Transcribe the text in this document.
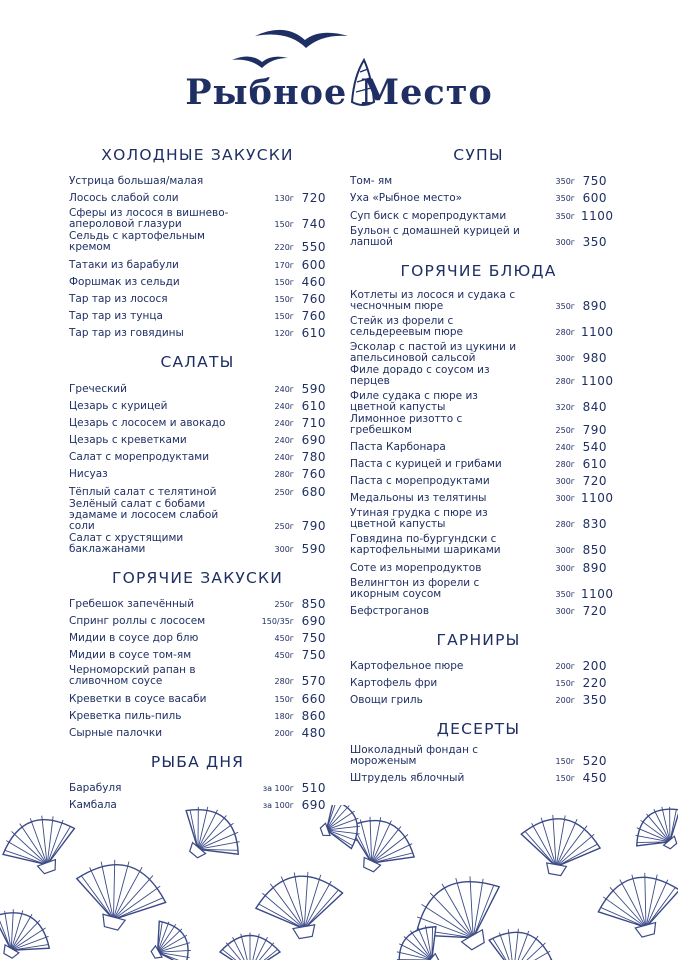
Рыбное Место
ХОЛОДНЫЕ ЗАКУСКИ
Устрица большая/малая
Лосось слабой соли	130г 720
Сферы из лосося в вишнево-апероловой глазури	150г 740
Сельдь с картофельным кремом	220г 550
Татаки из барабули	170г 600
Форшмак из сельди	150г 460
Тар тар из лосося	150г 760
Тар тар из тунца	150г 760
Тар тар из говядины	120г 610
САЛАТЫ
Греческий	240г 590
Цезарь с курицей	240г 610
Цезарь с лососем и авокадо	240г 710
Цезарь с креветками	240г 690
Салат с морепродуктами	240г 780
Нисуаз	280г 760
Тёплый салат с телятиной	250г 680
Зелёный салат с бобами эдамаме и лососем слабой соли	250г 790
Салат с хрустящими баклажанами	300г 590
ГОРЯЧИЕ ЗАКУСКИ
Гребешок запечённый	250г 850
Спринг роллы с лососем	150/35г 690
Мидии в соусе дор блю	450г 750
Мидии в соусе том-ям	450г 750
Черноморский рапан в сливочном соусе	280г 570
Креветки в соусе васаби	150г 660
Креветка пиль-пиль	180г 860
Сырные палочки	200г 480
РЫБА ДНЯ
Барабуля	за 100г 510
Камбала	за 100г 690
СУПЫ
Том- ям	350г 750
Уха «Рыбное место»	350г 600
Суп биск с морепродуктами	350г 1100
Бульон с домашней курицей и лапшой	300г 350
ГОРЯЧИЕ БЛЮДА
Котлеты из лосося и судака с чесночным пюре	350г 890
Стейк из форели с сельдерeевым пюре	280г 1100
Эсколар с пастой из цукини и апельсиновой сальсой	300г 980
Филе дорадо с соусом из перцев	280г 1100
Филе судака с пюре из цветной капусты	320г 840
Лимонное ризотто с гребешком	250г 790
Паста Карбонара	240г 540
Паста с курицей и грибами	280г 610
Паста с морепродуктами	300г 720
Медальоны из телятины	300г 1100
Утиная грудка с пюре из цветной капусты	280г 830
Говядина по-бургундски с картофельными шариками	300г 850
Соте из морепродуктов	300г 890
Велингтон из форели с икорным соусом	350г 1100
Бефстроганов	300г 720
ГАРНИРЫ
Картофельное пюре	200г 200
Картофель фри	150г 220
Овощи гриль	200г 350
ДЕСЕРТЫ
Шоколадный фондан с мороженым	150г 520
Штрудель яблочный	150г 450
